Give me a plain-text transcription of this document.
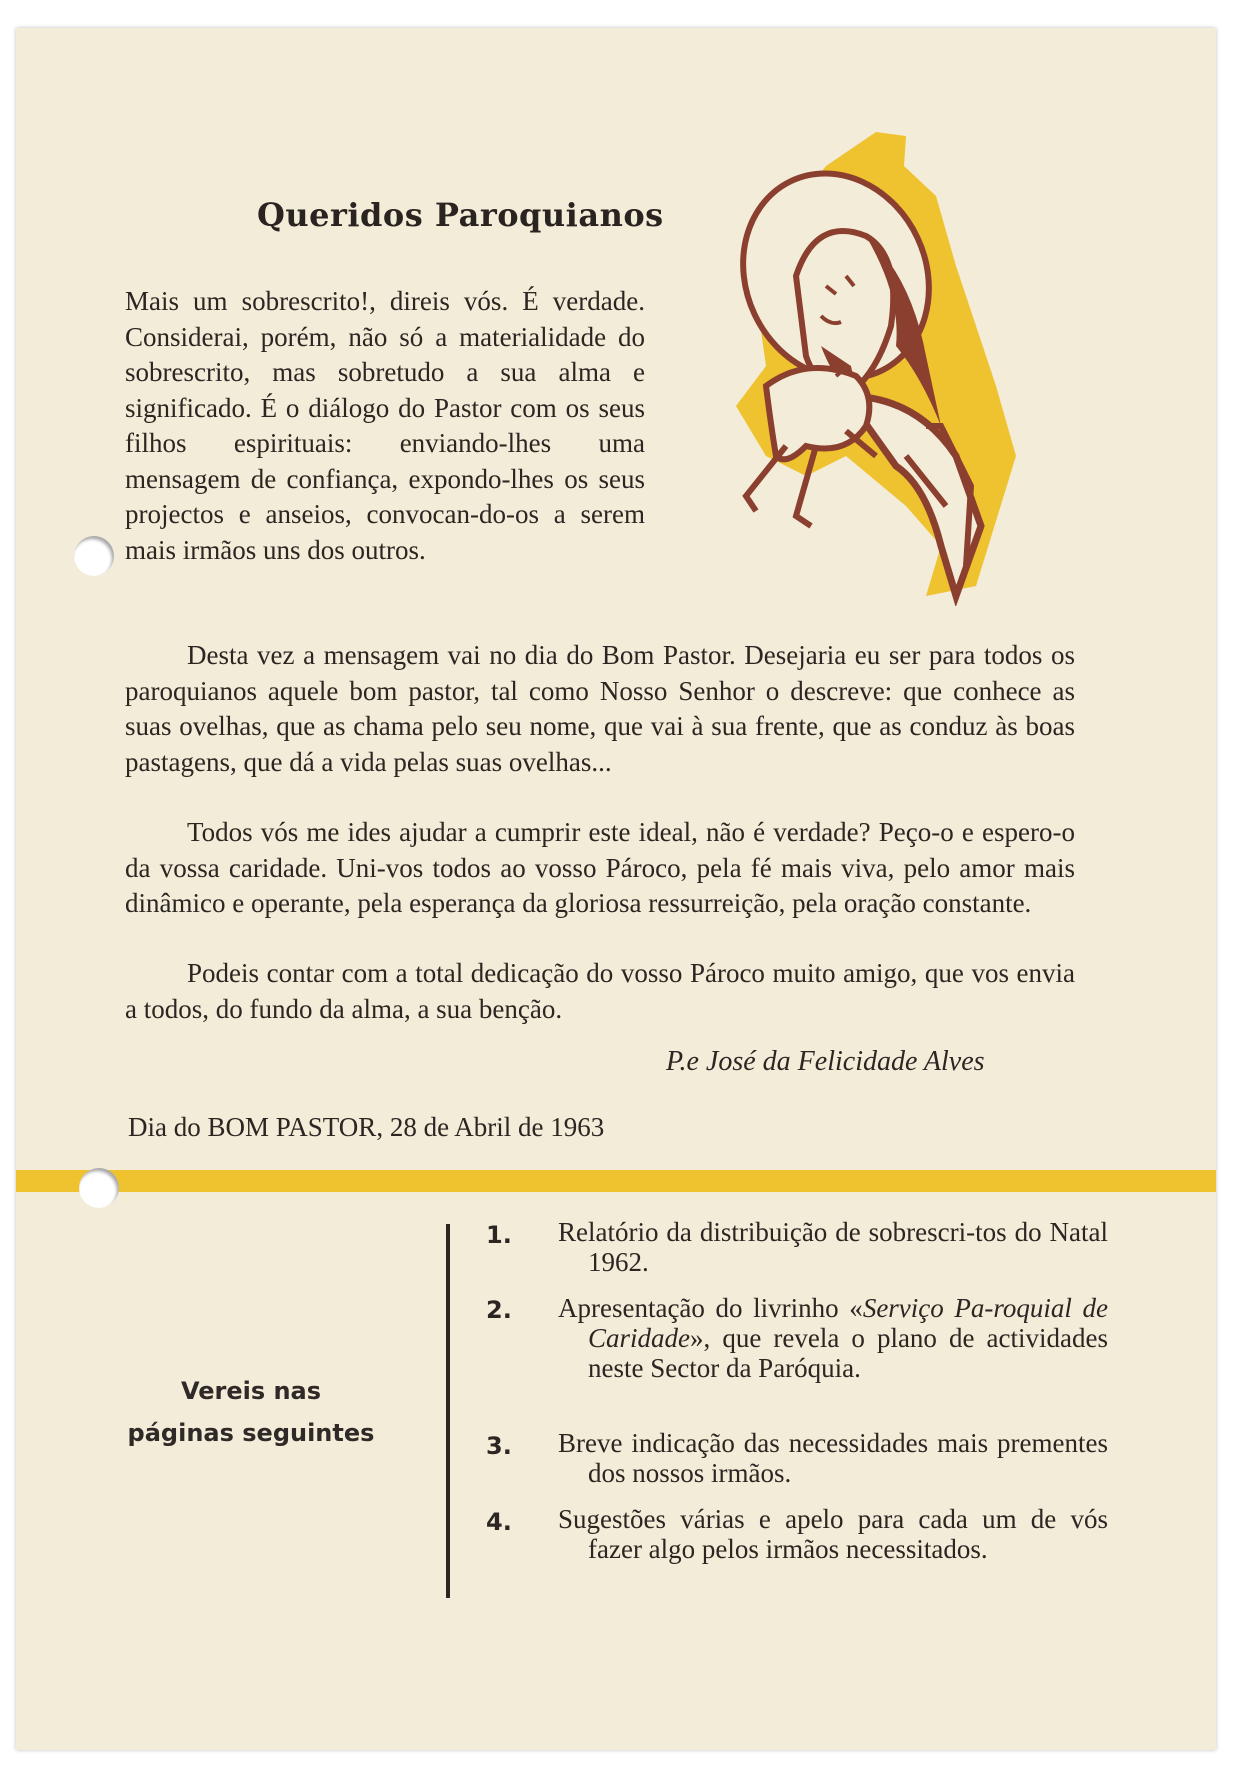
Queridos Paroquianos

Mais um sobrescrito!, direis vós. É verdade. Considerai, porém, não só a materialidade do sobrescrito, mas sobretudo a sua alma e significado. É o diálogo do Pastor com os seus filhos espirituais: enviando-lhes uma mensagem de confiança, expondo-lhes os seus projectos e anseios, convocan-do-os a serem mais irmãos uns dos outros.

Desta vez a mensagem vai no dia do Bom Pastor. Desejaria eu ser para todos os paroquianos aquele bom pastor, tal como Nosso Senhor o descreve: que conhece as suas ovelhas, que as chama pelo seu nome, que vai à sua frente, que as conduz às boas pastagens, que dá a vida pelas suas ovelhas...

Todos vós me ides ajudar a cumprir este ideal, não é verdade? Peço-o e espero-o da vossa caridade. Uni-vos todos ao vosso Pároco, pela fé mais viva, pelo amor mais dinâmico e operante, pela esperança da gloriosa ressurreição, pela oração constante.

Podeis contar com a total dedicação do vosso Pároco muito amigo, que vos envia a todos, do fundo da alma, a sua benção.

P.e José da Felicidade Alves

Dia do BOM PASTOR, 28 de Abril de 1963

Vereis nas páginas seguintes

1. Relatório da distribuição de sobrescri-tos do Natal 1962.

2. Apresentação do livrinho «Serviço Pa-roquial de Caridade», que revela o plano de actividades neste Sector da Paróquia.

3. Breve indicação das necessidades mais prementes dos nossos irmãos.

4. Sugestões várias e apelo para cada um de vós fazer algo pelos irmãos necessitados.
